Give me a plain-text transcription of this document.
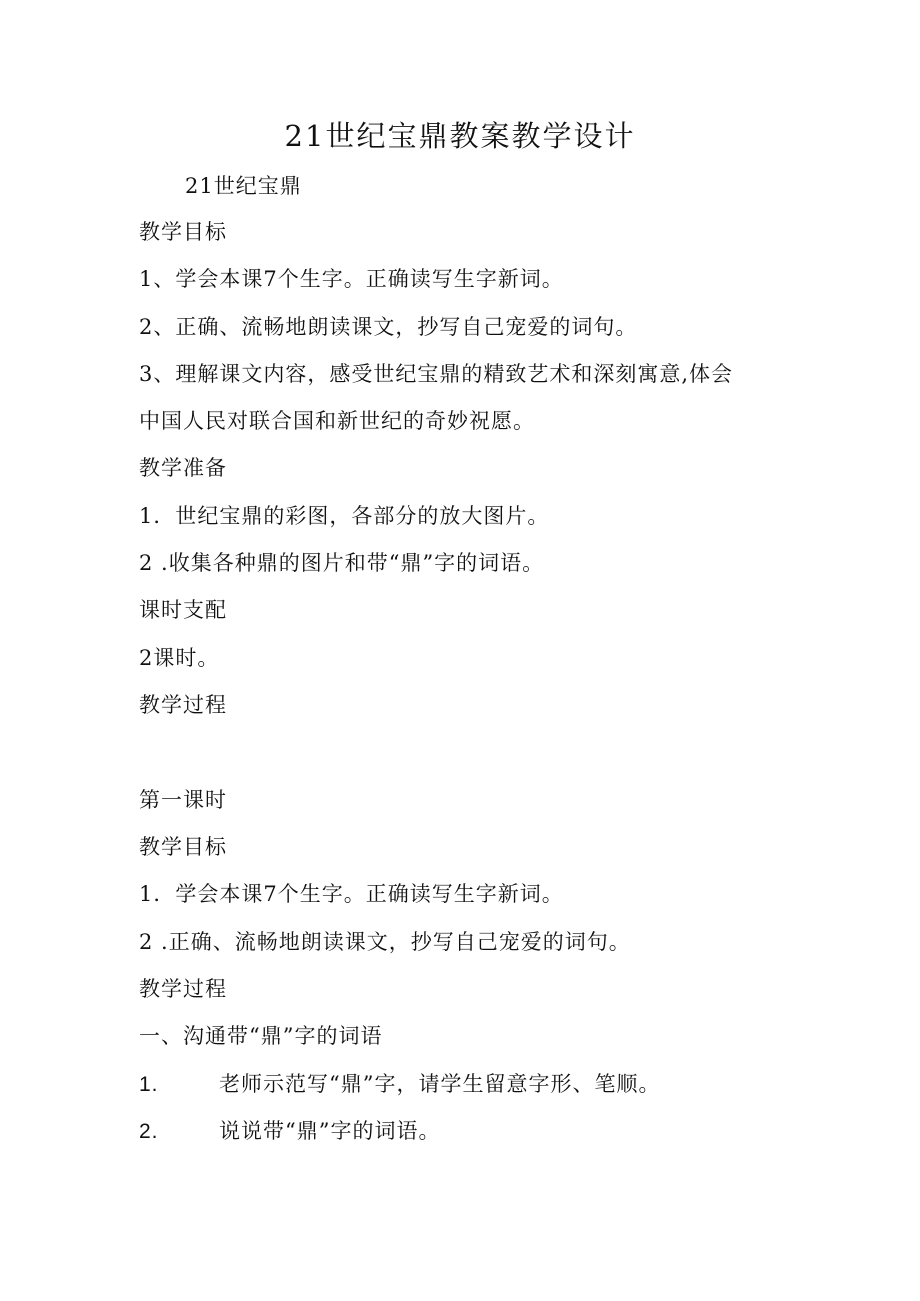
21世纪宝鼎教案教学设计
21世纪宝鼎
教学目标
1、学会本课7个生字。正确读写生字新词。
2、正确、流畅地朗读课文，抄写自己宠爱的词句。
3、理解课文内容，感受世纪宝鼎的精致艺术和深刻寓意,体会
中国人民对联合国和新世纪的奇妙祝愿。
教学准备
1．世纪宝鼎的彩图，各部分的放大图片。
2 .收集各种鼎的图片和带“鼎”字的词语。
课时支配
2课时。
教学过程
第一课时
教学目标
1．学会本课7个生字。正确读写生字新词。
2 .正确、流畅地朗读课文，抄写自己宠爱的词句。
教学过程
一、沟通带“鼎”字的词语
1.	老师示范写“鼎”字，请学生留意字形、笔顺。
2.	说说带“鼎”字的词语。
